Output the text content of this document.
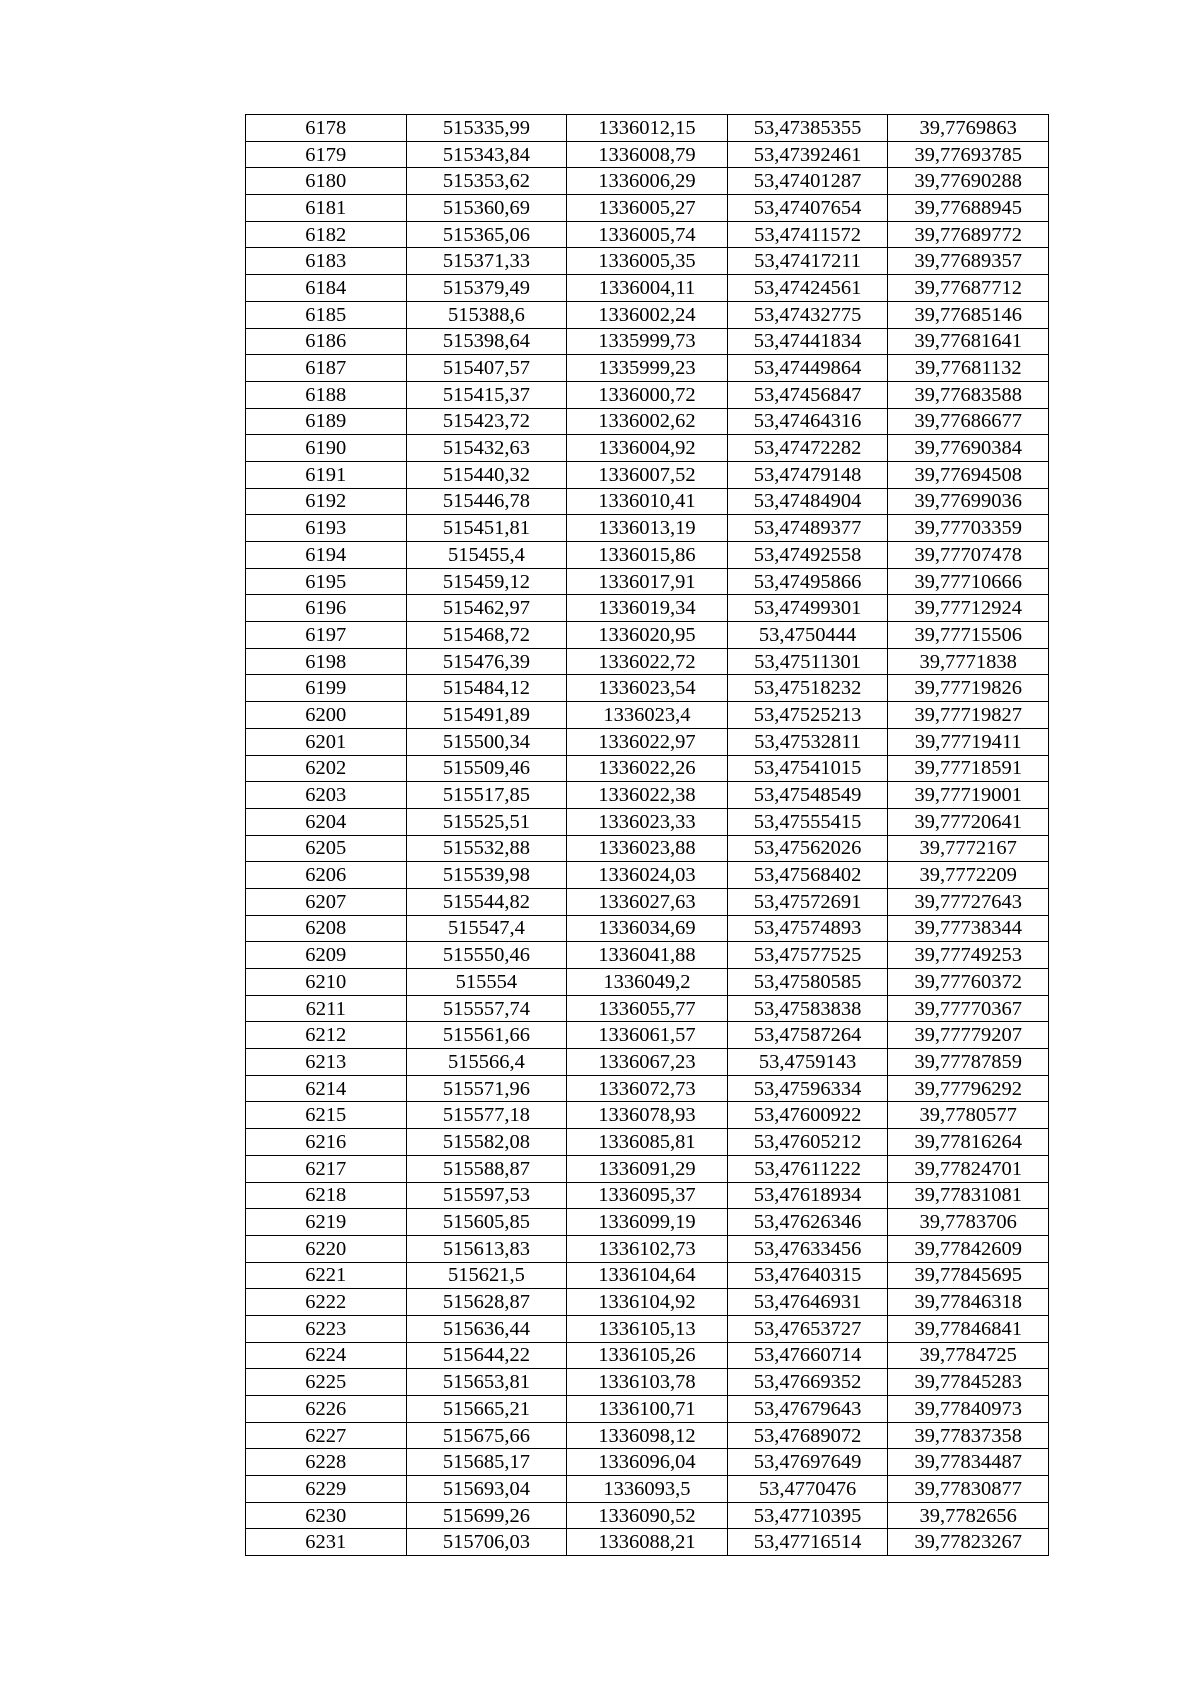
6178	515335,99	1336012,15	53,47385355	39,7769863
6179	515343,84	1336008,79	53,47392461	39,77693785
6180	515353,62	1336006,29	53,47401287	39,77690288
6181	515360,69	1336005,27	53,47407654	39,77688945
6182	515365,06	1336005,74	53,47411572	39,77689772
6183	515371,33	1336005,35	53,47417211	39,77689357
6184	515379,49	1336004,11	53,47424561	39,77687712
6185	515388,6	1336002,24	53,47432775	39,77685146
6186	515398,64	1335999,73	53,47441834	39,77681641
6187	515407,57	1335999,23	53,47449864	39,77681132
6188	515415,37	1336000,72	53,47456847	39,77683588
6189	515423,72	1336002,62	53,47464316	39,77686677
6190	515432,63	1336004,92	53,47472282	39,77690384
6191	515440,32	1336007,52	53,47479148	39,77694508
6192	515446,78	1336010,41	53,47484904	39,77699036
6193	515451,81	1336013,19	53,47489377	39,77703359
6194	515455,4	1336015,86	53,47492558	39,77707478
6195	515459,12	1336017,91	53,47495866	39,77710666
6196	515462,97	1336019,34	53,47499301	39,77712924
6197	515468,72	1336020,95	53,4750444	39,77715506
6198	515476,39	1336022,72	53,47511301	39,7771838
6199	515484,12	1336023,54	53,47518232	39,77719826
6200	515491,89	1336023,4	53,47525213	39,77719827
6201	515500,34	1336022,97	53,47532811	39,77719411
6202	515509,46	1336022,26	53,47541015	39,77718591
6203	515517,85	1336022,38	53,47548549	39,77719001
6204	515525,51	1336023,33	53,47555415	39,77720641
6205	515532,88	1336023,88	53,47562026	39,7772167
6206	515539,98	1336024,03	53,47568402	39,7772209
6207	515544,82	1336027,63	53,47572691	39,77727643
6208	515547,4	1336034,69	53,47574893	39,77738344
6209	515550,46	1336041,88	53,47577525	39,77749253
6210	515554	1336049,2	53,47580585	39,77760372
6211	515557,74	1336055,77	53,47583838	39,77770367
6212	515561,66	1336061,57	53,47587264	39,77779207
6213	515566,4	1336067,23	53,4759143	39,77787859
6214	515571,96	1336072,73	53,47596334	39,77796292
6215	515577,18	1336078,93	53,47600922	39,7780577
6216	515582,08	1336085,81	53,47605212	39,77816264
6217	515588,87	1336091,29	53,47611222	39,77824701
6218	515597,53	1336095,37	53,47618934	39,77831081
6219	515605,85	1336099,19	53,47626346	39,7783706
6220	515613,83	1336102,73	53,47633456	39,77842609
6221	515621,5	1336104,64	53,47640315	39,77845695
6222	515628,87	1336104,92	53,47646931	39,77846318
6223	515636,44	1336105,13	53,47653727	39,77846841
6224	515644,22	1336105,26	53,47660714	39,7784725
6225	515653,81	1336103,78	53,47669352	39,77845283
6226	515665,21	1336100,71	53,47679643	39,77840973
6227	515675,66	1336098,12	53,47689072	39,77837358
6228	515685,17	1336096,04	53,47697649	39,77834487
6229	515693,04	1336093,5	53,4770476	39,77830877
6230	515699,26	1336090,52	53,47710395	39,7782656
6231	515706,03	1336088,21	53,47716514	39,77823267
